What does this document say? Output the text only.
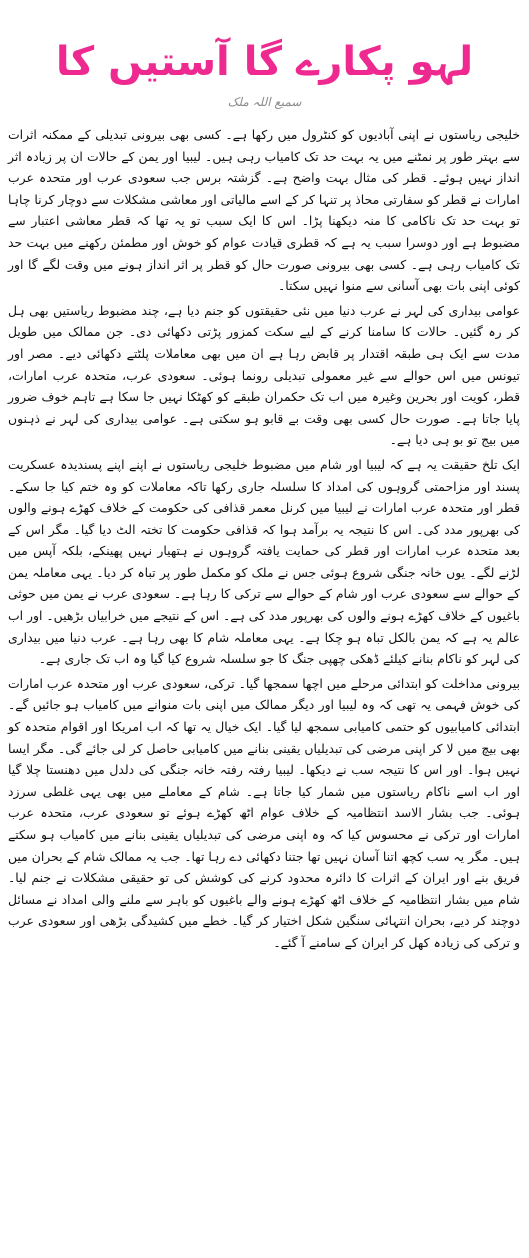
لہو پکارے گا آستیں کا
سمیع اللہ ملک

خلیجی ریاستوں نے اپنی آبادیوں کو کنٹرول میں رکھا ہے۔ کسی بھی بیرونی تبدیلی کے ممکنہ اثرات سے بہتر طور پر نمٹنے میں یہ بہت حد تک کامیاب رہی ہیں۔ لیبیا اور یمن کے حالات ان پر زیادہ اثر انداز نہیں ہوئے۔ قطر کی مثال بہت واضح ہے۔ گزشتہ برس جب سعودی عرب اور متحدہ عرب امارات نے قطر کو سفارتی محاذ پر تنہا کر کے اسے مالیاتی اور معاشی مشکلات سے دوچار کرنا چاہا تو بہت حد تک ناکامی کا منہ دیکھنا پڑا۔ اس کا ایک سبب تو یہ تھا کہ قطر معاشی اعتبار سے مضبوط ہے اور دوسرا سبب یہ ہے کہ قطری قیادت عوام کو خوش اور مطمئن رکھنے میں بہت حد تک کامیاب رہی ہے۔ کسی بھی بیرونی صورت حال کو قطر پر اثر انداز ہونے میں وقت لگے گا اور کوئی اپنی بات بھی آسانی سے منوا نہیں سکتا۔

عوامی بیداری کی لہر نے عرب دنیا میں نئی حقیقتوں کو جنم دیا ہے، چند مضبوط ریاستیں بھی ہل کر رہ گئیں۔ حالات کا سامنا کرنے کے لیے سکت کمزور پڑتی دکھائی دی۔ جن ممالک میں طویل مدت سے ایک ہی طبقہ اقتدار پر قابض رہا ہے ان میں بھی معاملات پلٹتے دکھائی دیے۔ مصر اور تیونس میں اس حوالے سے غیر معمولی تبدیلی رونما ہوئی۔ سعودی عرب، متحدہ عرب امارات، قطر، کویت اور بحرین وغیرہ میں اب تک حکمران طبقے کو کھٹکا نہیں جا سکا ہے تاہم خوف ضرور پایا جاتا ہے۔ صورت حال کسی بھی وقت بے قابو ہو سکتی ہے۔ عوامی بیداری کی لہر نے ذہنوں میں بیج تو بو ہی دیا ہے۔

ایک تلخ حقیقت یہ ہے کہ لیبیا اور شام میں مضبوط خلیجی ریاستوں نے اپنے اپنے پسندیدہ عسکریت پسند اور مزاحمتی گروہوں کی امداد کا سلسلہ جاری رکھا تاکہ معاملات کو وہ ختم کیا جا سکے۔ قطر اور متحدہ عرب امارات نے لیبیا میں کرنل معمر قذافی کی حکومت کے خلاف کھڑے ہونے والوں کی بھرپور مدد کی۔ اس کا نتیجہ یہ برآمد ہوا کہ قذافی حکومت کا تختہ الٹ دیا گیا۔ مگر اس کے بعد متحدہ عرب امارات اور قطر کی حمایت یافتہ گروہوں نے ہتھیار نہیں پھینکے، بلکہ آپس میں لڑنے لگے۔ یوں خانہ جنگی شروع ہوئی جس نے ملک کو مکمل طور پر تباہ کر دیا۔ یہی معاملہ یمن کے حوالے سے سعودی عرب اور شام کے حوالے سے ترکی کا رہا ہے۔ سعودی عرب نے یمن میں حوثی باغیوں کے خلاف کھڑے ہونے والوں کی بھرپور مدد کی ہے۔ اس کے نتیجے میں خرابیاں بڑھیں۔ اور اب عالم یہ ہے کہ یمن بالکل تباہ ہو چکا ہے۔ یہی معاملہ شام کا بھی رہا ہے۔ عرب دنیا میں بیداری کی لہر کو ناکام بنانے کیلئے ڈھکی چھپی جنگ کا جو سلسلہ شروع کیا گیا وہ اب تک جاری ہے۔

بیرونی مداخلت کو ابتدائی مرحلے میں اچھا سمجھا گیا۔ ترکی، سعودی عرب اور متحدہ عرب امارات کی خوش فہمی یہ تھی کہ وہ لیبیا اور دیگر ممالک میں اپنی بات منوانے میں کامیاب ہو جائیں گے۔ ابتدائی کامیابیوں کو حتمی کامیابی سمجھ لیا گیا۔ ایک خیال یہ تھا کہ اب امریکا اور اقوام متحدہ کو بھی بیچ میں لا کر اپنی مرضی کی تبدیلیاں یقینی بنانے میں کامیابی حاصل کر لی جائے گی۔ مگر ایسا نہیں ہوا۔ اور اس کا نتیجہ سب نے دیکھا۔ لیبیا رفتہ رفتہ خانہ جنگی کی دلدل میں دھنستا چلا گیا اور اب اسے ناکام ریاستوں میں شمار کیا جاتا ہے۔ شام کے معاملے میں بھی یہی غلطی سرزد ہوئی۔ جب بشار الاسد انتظامیہ کے خلاف عوام اٹھ کھڑے ہوئے تو سعودی عرب، متحدہ عرب امارات اور ترکی نے محسوس کیا کہ وہ اپنی مرضی کی تبدیلیاں یقینی بنانے میں کامیاب ہو سکتے ہیں۔ مگر یہ سب کچھ اتنا آسان نہیں تھا جتنا دکھائی دے رہا تھا۔ جب یہ ممالک شام کے بحران میں فریق بنے اور ایران کے اثرات کا دائرہ محدود کرنے کی کوشش کی تو حقیقی مشکلات نے جنم لیا۔ شام میں بشار انتظامیہ کے خلاف اٹھ کھڑے ہونے والے باغیوں کو باہر سے ملنے والی امداد نے مسائل دوچند کر دیے، بحران انتہائی سنگین شکل اختیار کر گیا۔ خطے میں کشیدگی بڑھی اور سعودی عرب و ترکی کی زیادہ کھل کر ایران کے سامنے آ گئے۔
